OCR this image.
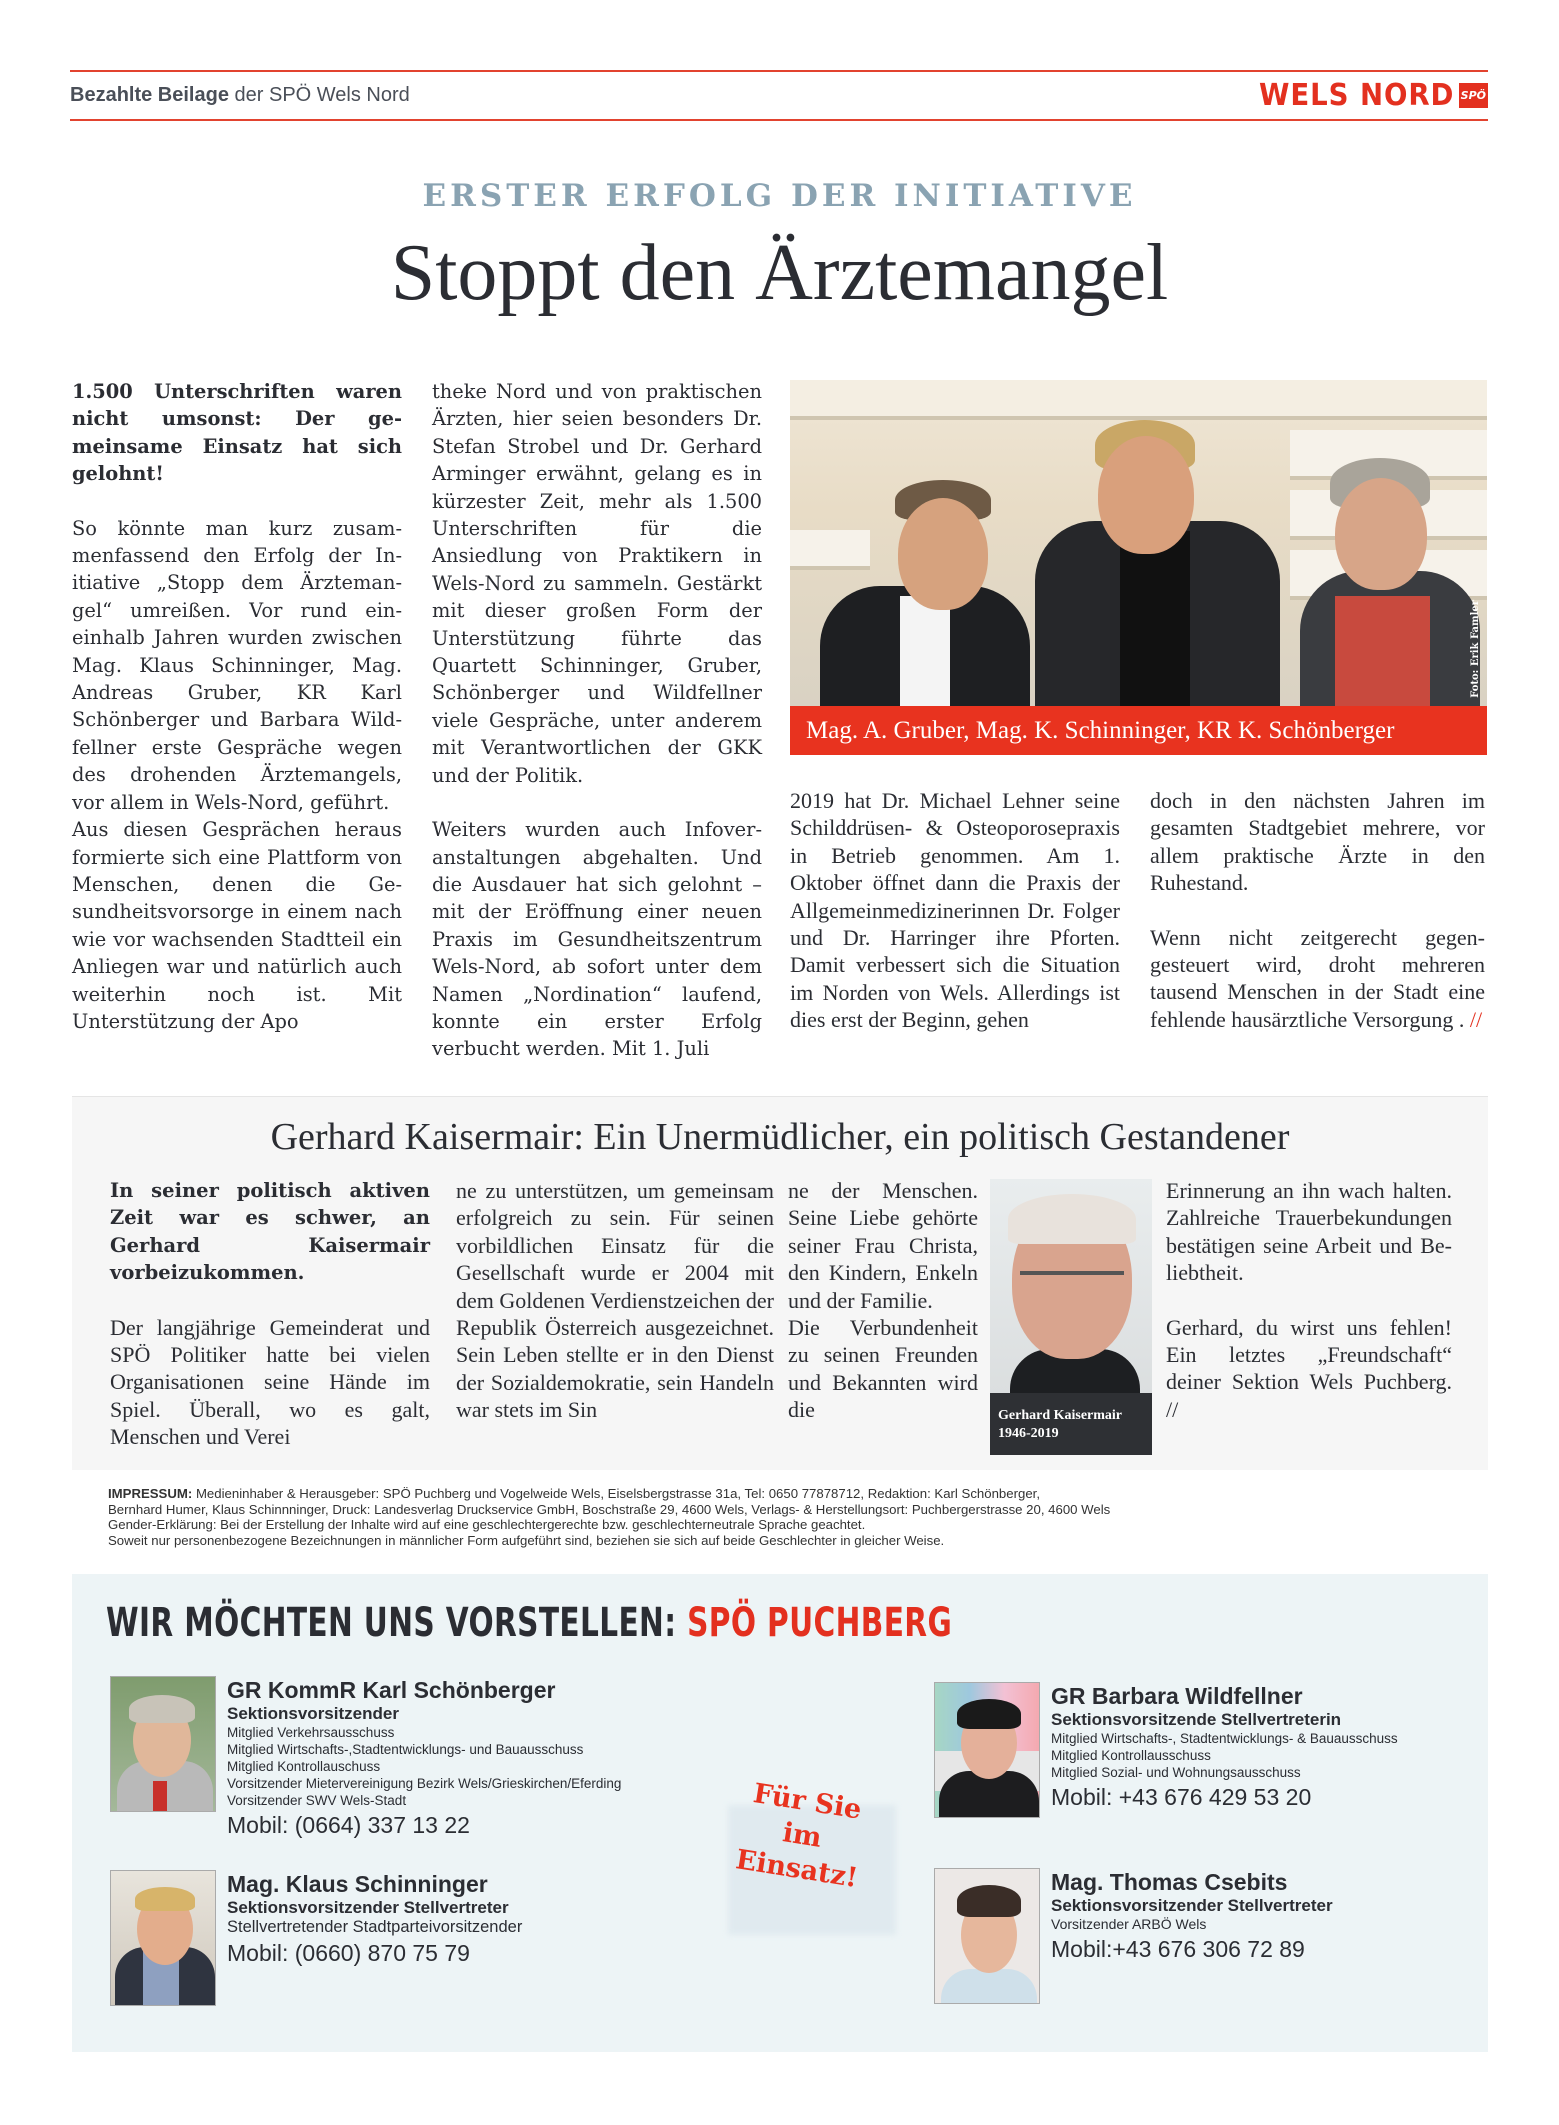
Bezahlte Beilage der SPÖ Wels Nord	WELS NORD SPÖ
ERSTER ERFOLG DER INITIATIVE
Stoppt den Ärztemangel

1.500 Unterschriften waren nicht umsonst: Der gemeinsame Einsatz hat sich gelohnt!

So könnte man kurz zusammenfassend den Erfolg der Initiative „Stopp dem Ärztemangel“ umreißen. Vor rund eineinhalb Jahren wurden zwischen Mag. Klaus Schinninger, Mag. Andreas Gruber, KR Karl Schönberger und Barbara Wildfellner erste Gespräche wegen des drohenden Ärztemangels, vor allem in Wels-Nord, geführt.

Aus diesen Gesprächen heraus formierte sich eine Plattform von Menschen, denen die Gesundheitsvorsorge in einem nach wie vor wachsenden Stadtteil ein Anliegen war und natürlich auch weiterhin noch ist. Mit Unterstützung der Apo

theke Nord und von praktischen Ärzten, hier seien besonders Dr. Stefan Strobel und Dr. Gerhard Arminger erwähnt, gelang es in kürzester Zeit, mehr als 1.500 Unterschriften für die Ansiedlung von Praktikern in Wels-Nord zu sammeln. Gestärkt mit dieser großen Form der Unterstützung führte das Quartett Schinninger, Gruber, Schönberger und Wildfellner viele Gespräche, unter anderem mit Verantwortlichen der GKK und der Politik.

Weiters wurden auch Infoveranstaltungen abgehalten. Und die Ausdauer hat sich gelohnt – mit der Eröffnung einer neuen Praxis im Gesundheitszentrum Wels-Nord, ab sofort unter dem Namen „Nordination“ laufend, konnte ein erster Erfolg verbucht werden. Mit 1. Juli

Foto: Erik Famler
Mag. A. Gruber, Mag. K. Schinninger, KR K. Schönberger

2019 hat Dr. Michael Lehner seine Schilddrüsen- & Osteoporosepraxis in Betrieb genommen. Am 1. Oktober öffnet dann die Praxis der Allgemeinmedizinerinnen Dr. Folger und Dr. Harringer ihre Pforten. Damit verbessert sich die Situation im Norden von Wels. Allerdings ist dies erst der Beginn, gehen

doch in den nächsten Jahren im gesamten Stadtgebiet mehrere, vor allem praktische Ärzte in den Ruhestand.

Wenn nicht zeitgerecht gegengesteuert wird, droht mehreren tausend Menschen in der Stadt eine fehlende hausärztliche Versorgung . //

Gerhard Kaisermair: Ein Unermüdlicher, ein politisch Gestandener

In seiner politisch aktiven Zeit war es schwer, an Gerhard Kaisermair vorbeizukommen.

Der langjährige Gemeinderat und SPÖ Politiker hatte bei vielen Organisationen seine Hände im Spiel. Überall, wo es galt, Menschen und Verei

ne zu unterstützen, um gemeinsam erfolgreich zu sein. Für seinen vorbildlichen Einsatz für die Gesellschaft wurde er 2004 mit dem Goldenen Verdienstzeichen der Republik Österreich ausgezeichnet. Sein Leben stellte er in den Dienst der Sozialdemokratie, sein Handeln war stets im Sin

ne der Menschen. Seine Liebe gehörte seiner Frau Christa, den Kindern, Enkeln und der Familie.

Die Verbundenheit zu seinen Freunden und Bekannten wird die	Gerhard Kaisermair
1946-2019

Erinnerung an ihn wach halten. Zahlreiche Trauerbekundungen bestätigen seine Arbeit und Beliebtheit.

Gerhard, du wirst uns fehlen! Ein letztes „Freundschaft“ deiner Sektion Wels Puchberg. //

IMPRESSUM: Medieninhaber & Herausgeber: SPÖ Puchberg und Vogelweide Wels, Eiselsbergstrasse 31a, Tel: 0650 77878712, Redaktion: Karl Schönberger,
Bernhard Humer, Klaus Schinnninger, Druck: Landesverlag Druckservice GmbH, Boschstraße 29, 4600 Wels, Verlags- & Herstellungsort: Puchbergerstrasse 20, 4600 Wels
Gender-Erklärung: Bei der Erstellung der Inhalte wird auf eine geschlechtergerechte bzw. geschlechterneutrale Sprache geachtet.
Soweit nur personenbezogene Bezeichnungen in männlicher Form aufgeführt sind, beziehen sie sich auf beide Geschlechter in gleicher Weise.
WIR MÖCHTEN UNS VORSTELLEN: SPÖ PUCHBERG
GR KommR Karl Schönberger
Sektionsvorsitzender
Mitglied Verkehrsausschuss
Mitglied Wirtschafts-,Stadtentwicklungs- und Bauausschuss
Mitglied Kontrollauschuss
Vorsitzender Mietervereinigung Bezirk Wels/Grieskirchen/Eferding
Vorsitzender SWV Wels-Stadt
Mobil: (0664) 337 13 22
Mag. Klaus Schinninger
Sektionsvorsitzender Stellvertreter
Stellvertretender Stadtparteivorsitzender
Mobil: (0660) 870 75 79
GR Barbara Wildfellner
Sektionsvorsitzende Stellvertreterin
Mitglied Wirtschafts-, Stadtentwicklungs- & Bauausschuss
Mitglied Kontrollausschuss
Mitglied Sozial- und Wohnungsausschuss
Mobil: +43 676 429 53 20
Mag. Thomas Csebits
Sektionsvorsitzender Stellvertreter
Vorsitzender ARBÖ Wels
Mobil:+43 676 306 72 89
Für Sie
im
Einsatz!
